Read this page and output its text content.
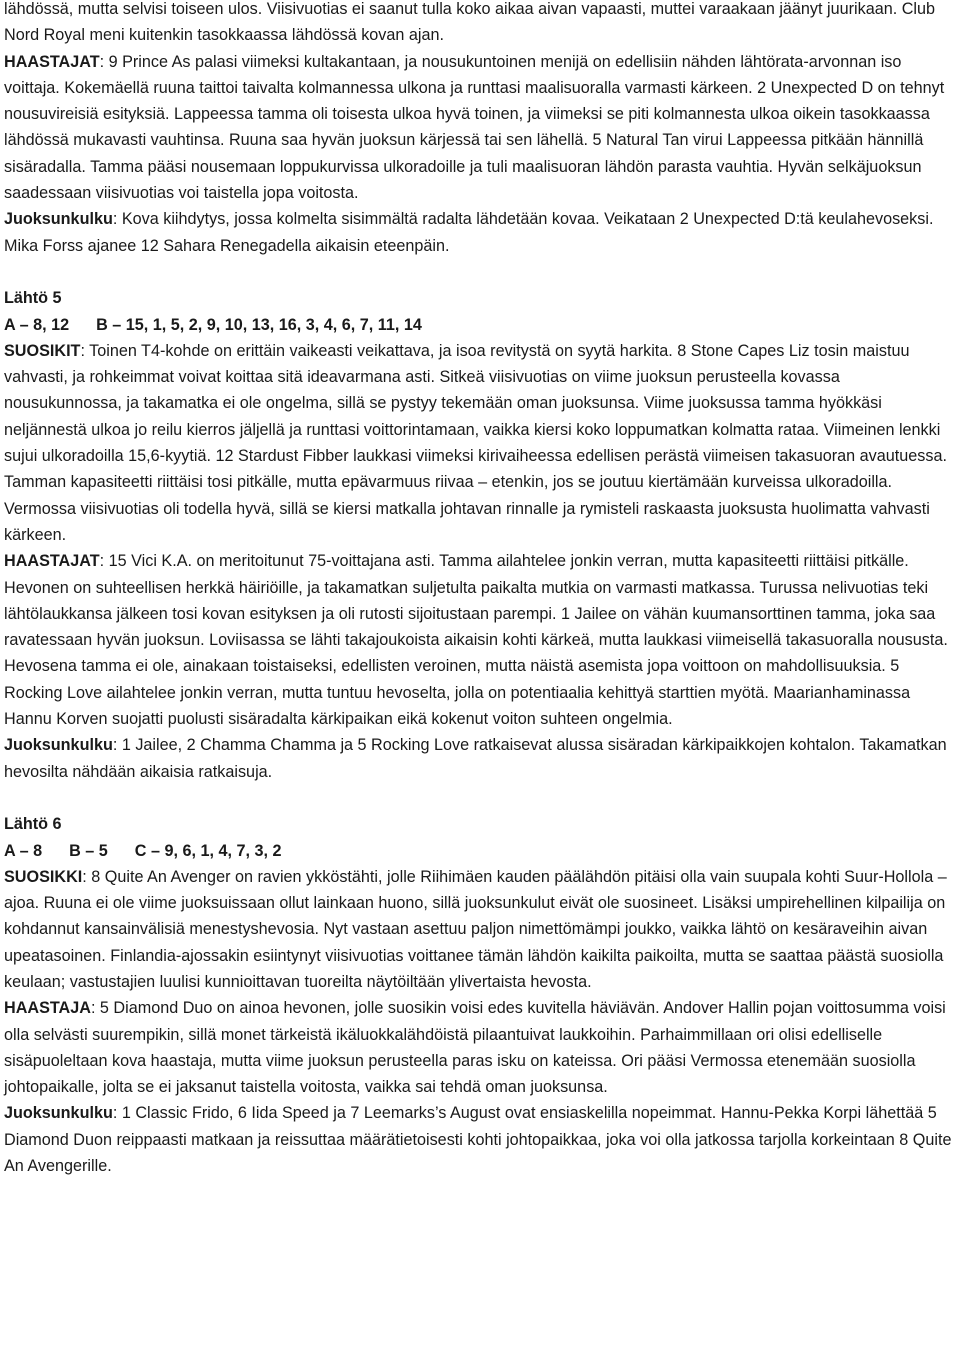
lähdössä, mutta selvisi toiseen ulos. Viisivuotias ei saanut tulla koko aikaa aivan vapaasti, muttei varaakaan jäänyt juurikaan. Club Nord Royal meni kuitenkin tasokkaassa lähdössä kovan ajan.

HAASTAJAT: 9 Prince As palasi viimeksi kultakantaan, ja nousukuntoinen menijä on edellisiin nähden lähtörata-arvonnan iso voittaja. Kokemäellä ruuna taittoi taivalta kolmannessa ulkona ja runttasi maalisuoralla varmasti kärkeen. 2 Unexpected D on tehnyt nousuvireisiä esityksiä. Lappeessa tamma oli toisesta ulkoa hyvä toinen, ja viimeksi se piti kolmannesta ulkoa oikein tasokkaassa lähdössä mukavasti vauhtinsa. Ruuna saa hyvän juoksun kärjessä tai sen lähellä. 5 Natural Tan virui Lappeessa pitkään hännillä sisäradalla. Tamma pääsi nousemaan loppukurvissa ulkoradoille ja tuli maalisuoran lähdön parasta vauhtia. Hyvän selkäjuoksun saadessaan viisivuotias voi taistella jopa voitosta.

Juoksunkulku: Kova kiihdytys, jossa kolmelta sisimmältä radalta lähdetään kovaa. Veikataan 2 Unexpected D:tä keulahevoseksi. Mika Forss ajanee 12 Sahara Renegadella aikaisin eteenpäin.

Lähtö 5

A – 8, 12 B – 15, 1, 5, 2, 9, 10, 13, 16, 3, 4, 6, 7, 11, 14

SUOSIKIT: Toinen T4-kohde on erittäin vaikeasti veikattava, ja isoa revitystä on syytä harkita. 8 Stone Capes Liz tosin maistuu vahvasti, ja rohkeimmat voivat koittaa sitä ideavarmana asti. Sitkeä viisivuotias on viime juoksun perusteella kovassa nousukunnossa, ja takamatka ei ole ongelma, sillä se pystyy tekemään oman juoksunsa. Viime juoksussa tamma hyökkäsi neljännestä ulkoa jo reilu kierros jäljellä ja runttasi voittorintamaan, vaikka kiersi koko loppumatkan kolmatta rataa. Viimeinen lenkki sujui ulkoradoilla 15,6-kyytiä. 12 Stardust Fibber laukkasi viimeksi kirivaiheessa edellisen perästä viimeisen takasuoran avautuessa. Tamman kapasiteetti riittäisi tosi pitkälle, mutta epävarmuus riivaa – etenkin, jos se joutuu kiertämään kurveissa ulkoradoilla. Vermossa viisivuotias oli todella hyvä, sillä se kiersi matkalla johtavan rinnalle ja rymisteli raskaasta juoksusta huolimatta vahvasti kärkeen.

HAASTAJAT: 15 Vici K.A. on meritoitunut 75-voittajana asti. Tamma ailahtelee jonkin verran, mutta kapasiteetti riittäisi pitkälle. Hevonen on suhteellisen herkkä häiriöille, ja takamatkan suljetulta paikalta mutkia on varmasti matkassa. Turussa nelivuotias teki lähtölaukkansa jälkeen tosi kovan esityksen ja oli rutosti sijoitustaan parempi. 1 Jailee on vähän kuumansorttinen tamma, joka saa ravatessaan hyvän juoksun. Loviisassa se lähti takajoukoista aikaisin kohti kärkeä, mutta laukkasi viimeisellä takasuoralla noususta. Hevosena tamma ei ole, ainakaan toistaiseksi, edellisten veroinen, mutta näistä asemista jopa voittoon on mahdollisuuksia. 5 Rocking Love ailahtelee jonkin verran, mutta tuntuu hevoselta, jolla on potentiaalia kehittyä starttien myötä. Maarianhaminassa Hannu Korven suojatti puolusti sisäradalta kärkipaikan eikä kokenut voiton suhteen ongelmia.

Juoksunkulku: 1 Jailee, 2 Chamma Chamma ja 5 Rocking Love ratkaisevat alussa sisäradan kärkipaikkojen kohtalon. Takamatkan hevosilta nähdään aikaisia ratkaisuja.

Lähtö 6

A – 8 B – 5 C – 9, 6, 1, 4, 7, 3, 2

SUOSIKKI: 8 Quite An Avenger on ravien ykköstähti, jolle Riihimäen kauden päälähdön pitäisi olla vain suupala kohti Suur-Hollola –ajoa. Ruuna ei ole viime juoksuissaan ollut lainkaan huono, sillä juoksunkulut eivät ole suosineet. Lisäksi umpirehellinen kilpailija on kohdannut kansainvälisiä menestyshevosia. Nyt vastaan asettuu paljon nimettömämpi joukko, vaikka lähtö on kesäraveihin aivan upeatasoinen. Finlandia-ajossakin esiintynyt viisivuotias voittanee tämän lähdön kaikilta paikoilta, mutta se saattaa päästä suosiolla keulaan; vastustajien luulisi kunnioittavan tuoreilta näytöiltään ylivertaista hevosta.

HAASTAJA: 5 Diamond Duo on ainoa hevonen, jolle suosikin voisi edes kuvitella häviävän. Andover Hallin pojan voittosumma voisi olla selvästi suurempikin, sillä monet tärkeistä ikäluokkalähdöistä pilaantuivat laukkoihin. Parhaimmillaan ori olisi edelliselle sisäpuoleltaan kova haastaja, mutta viime juoksun perusteella paras isku on kateissa. Ori pääsi Vermossa etenemään suosiolla johtopaikalle, jolta se ei jaksanut taistella voitosta, vaikka sai tehdä oman juoksunsa.

Juoksunkulku: 1 Classic Frido, 6 Iida Speed ja 7 Leemarks’s August ovat ensiaskelilla nopeimmat. Hannu-Pekka Korpi lähettää 5 Diamond Duon reippaasti matkaan ja reissuttaa määrätietoisesti kohti johtopaikkaa, joka voi olla jatkossa tarjolla korkeintaan 8 Quite An Avengerille.
